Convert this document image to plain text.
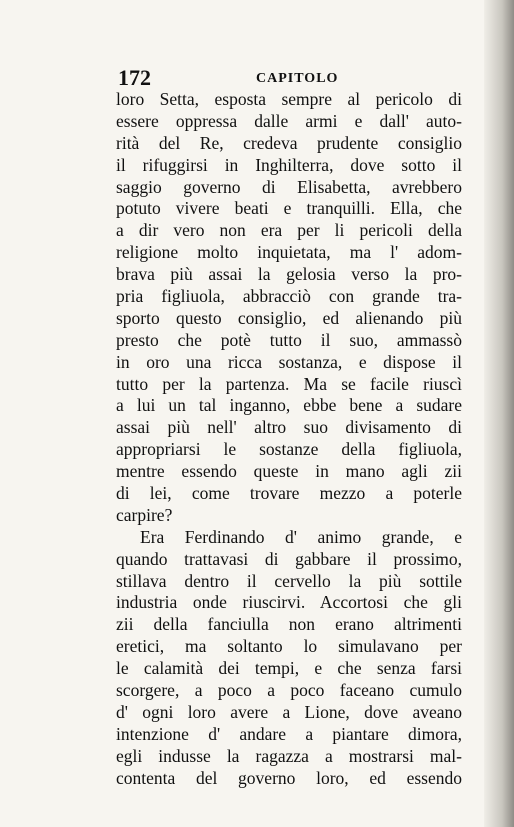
172	CAPITOLO
loro Setta, esposta sempre al pericolo di
essere oppressa dalle armi e dall' auto-
rità del Re, credeva prudente consiglio
il rifuggirsi in Inghilterra, dove sotto il
saggio governo di Elisabetta, avrebbero
potuto vivere beati e tranquilli. Ella, che
a dir vero non era per li pericoli della
religione molto inquietata, ma l' adom-
brava più assai la gelosia verso la pro-
pria figliuola, abbracciò con grande tra-
sporto questo consiglio, ed alienando più
presto che potè tutto il suo, ammassò
in oro una ricca sostanza, e dispose il
tutto per la partenza. Ma se facile riuscì
a lui un tal inganno, ebbe bene a sudare
assai più nell' altro suo divisamento di
appropriarsi le sostanze della figliuola,
mentre essendo queste in mano agli zii
di lei, come trovare mezzo a poterle
carpire?
Era Ferdinando d' animo grande, e
quando trattavasi di gabbare il prossimo,
stillava dentro il cervello la più sottile
industria onde riuscirvi. Accortosi che gli
zii della fanciulla non erano altrimenti
eretici, ma soltanto lo simulavano per
le calamità dei tempi, e che senza farsi
scorgere, a poco a poco faceano cumulo
d' ogni loro avere a Lione, dove aveano
intenzione d' andare a piantare dimora,
egli indusse la ragazza a mostrarsi mal-
contenta del governo loro, ed essendo
